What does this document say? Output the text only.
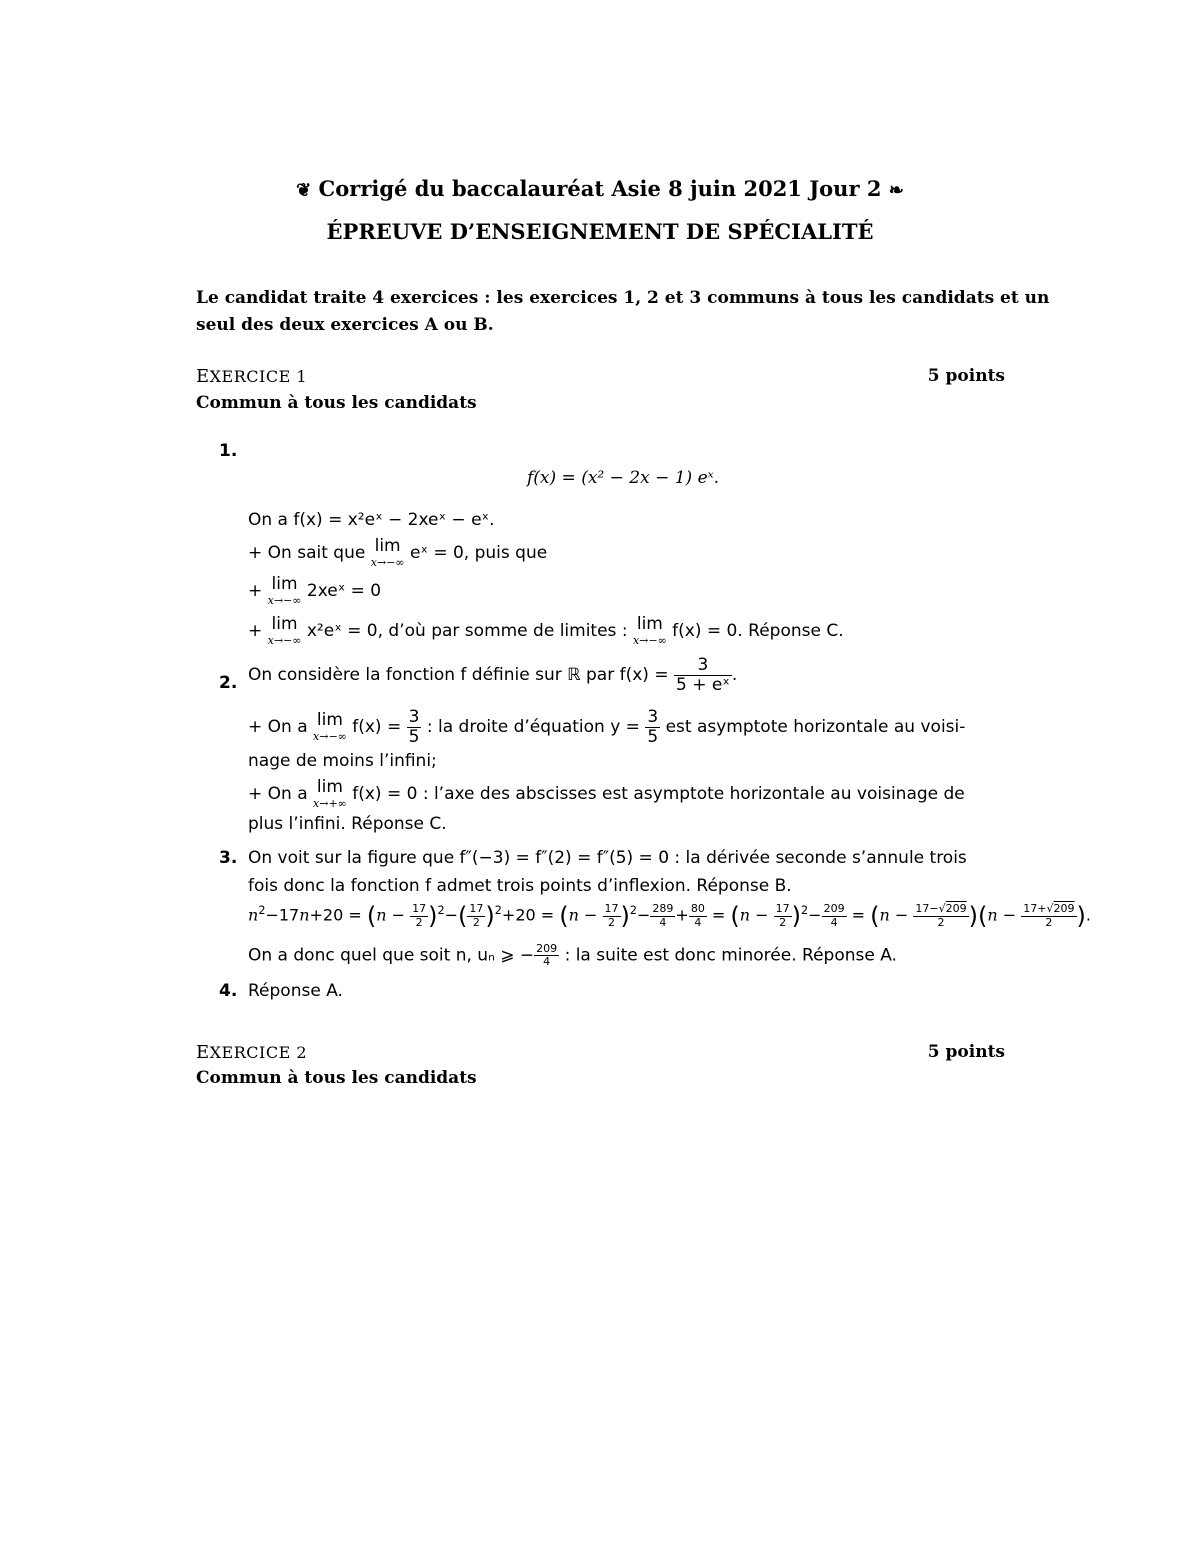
❦ Corrigé du baccalauréat Asie 8 juin 2021 Jour 2 ❧
ÉPREUVE D’ENSEIGNEMENT DE SPÉCIALITÉ
Le candidat traite 4 exercices : les exercices 1, 2 et 3 communs à tous les candidats et un
seul des deux exercices A ou B.
EXERCICE 1	5 points
Commun à tous les candidats
1.
f(x) = (x² − 2x − 1) eˣ.
On a f(x) = x²eˣ − 2xeˣ − eˣ.
+ On sait que lim
x→−∞ eˣ = 0, puis que
+ lim
x→−∞ 2xeˣ = 0
+ lim
x→−∞ x²eˣ = 0, d’où par somme de limites : lim
x→−∞ f(x) = 0. Réponse C.
2. On considère la fonction f définie sur ℝ par $f(x) = \frac{3}{\text{5 + eˣ}}$ .
+ On a lim
x→−∞ $f(x) = \frac{3}{5}$ : la droite d’équation $y = \frac{3}{5}$ est asymptote horizontale au voisi-
nage de moins l’infini;
+ On a lim
x→+∞ f(x) = 0 : l’axe des abscisses est asymptote horizontale au voisinage de
plus l’infini. Réponse C.
3. On voit sur la figure que f″(−3) = f″(2) = f″(5) = 0 : la dérivée seconde s’annule trois
fois donc la fonction f admet trois points d’inflexion. Réponse B.
$n^2-17n+20 = (n - \frac{17}{2} )^2-( \frac{17}{2} )^2+20 = (n - \frac{17}{2} )^2- \frac{289}{4} + \frac{80}{4} = (n - \frac{17}{2} )^2- \frac{209}{4} = (n - \frac{17-√209}{2} )(n - \frac{17+√209}{2}$ ).
On a donc quel que soit n, uₙ ⩾ − $\frac{209}{4}$ : la suite est donc minorée. Réponse A.
4. Réponse A.
EXERCICE 2	5 points
Commun à tous les candidats
